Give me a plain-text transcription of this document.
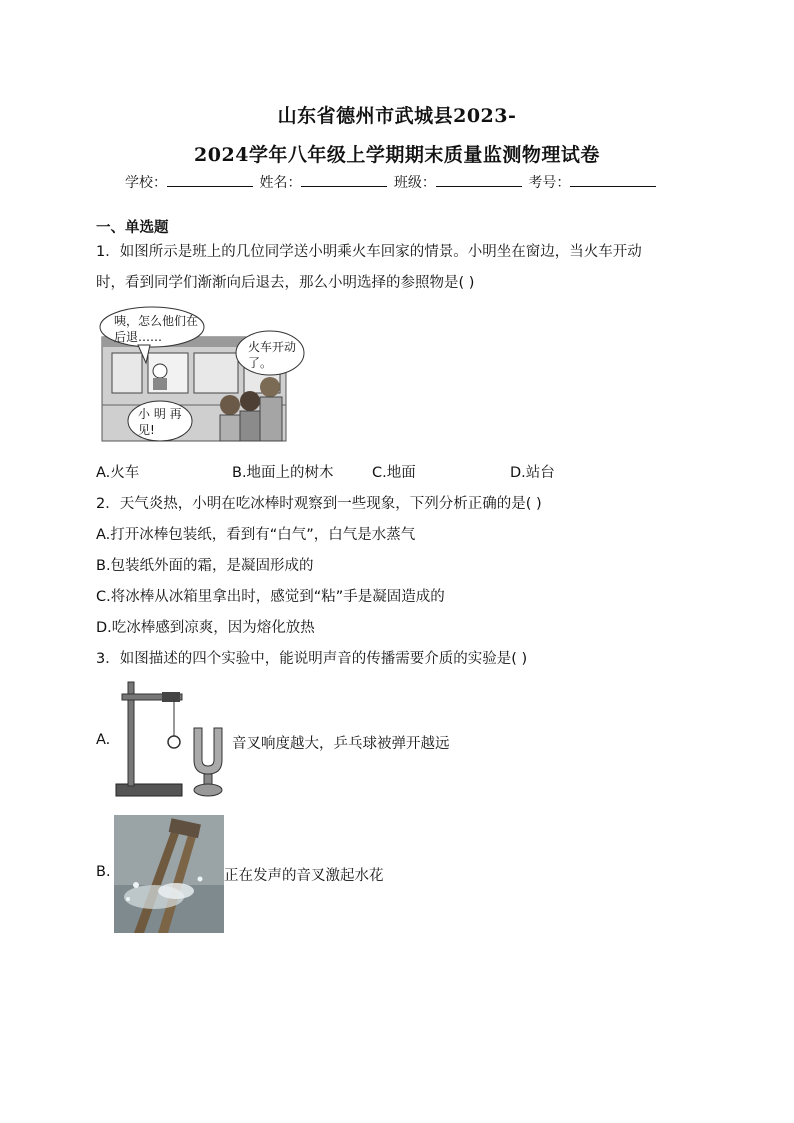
山东省德州市武城县2023-
2024学年八年级上学期期末质量监测物理试卷
学校：	姓名：	班级：	考号：
一、单选题
1．如图所示是班上的几位同学送小明乘火车回家的情景。小明坐在窗边，当火车开动
时，看到同学们渐渐向后退去，那么小明选择的参照物是( )
咦，怎么他们在
后退……
火车开动
了。
小 明 再
见!
A.火车	B.地面上的树木	C.地面	D.站台
2．天气炎热，小明在吃冰棒时观察到一些现象，下列分析正确的是( )
A.打开冰棒包装纸，看到有“白气”，白气是水蒸气
B.包装纸外面的霜，是凝固形成的
C.将冰棒从冰箱里拿出时，感觉到“粘”手是凝固造成的
D.吃冰棒感到凉爽，因为熔化放热
3．如图描述的四个实验中，能说明声音的传播需要介质的实验是( )
A.	音叉响度越大，乒乓球被弹开越远
B.	正在发声的音叉激起水花
